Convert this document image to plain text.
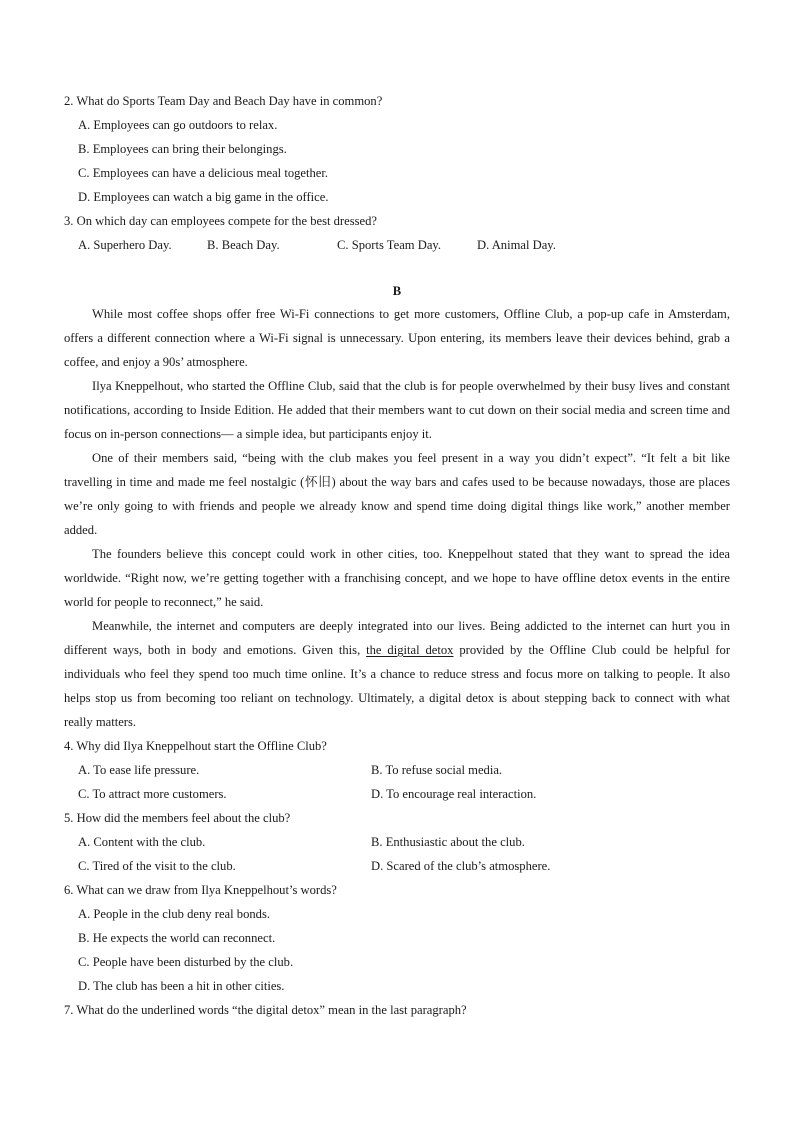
2. What do Sports Team Day and Beach Day have in common?
A. Employees can go outdoors to relax.
B. Employees can bring their belongings.
C. Employees can have a delicious meal together.
D. Employees can watch a big game in the office.
3. On which day can employees compete for the best dressed?
A. Superhero Day.	B. Beach Day.	C. Sports Team Day.	D. Animal Day.
B
While most coffee shops offer free Wi-Fi connections to get more customers, Offline Club, a pop-up cafe in Amsterdam, offers a different connection where a Wi-Fi signal is unnecessary. Upon entering, its members leave their devices behind, grab a coffee, and enjoy a 90s’ atmosphere.
Ilya Kneppelhout, who started the Offline Club, said that the club is for people overwhelmed by their busy lives and constant notifications, according to Inside Edition. He added that their members want to cut down on their social media and screen time and focus on in-person connections— a simple idea, but participants enjoy it.
One of their members said, “being with the club makes you feel present in a way you didn’t expect”. “It felt a bit like travelling in time and made me feel nostalgic (怀旧) about the way bars and cafes used to be because nowadays, those are places we’re only going to with friends and people we already know and spend time doing digital things like work,” another member added.
The founders believe this concept could work in other cities, too. Kneppelhout stated that they want to spread the idea worldwide. “Right now, we’re getting together with a franchising concept, and we hope to have offline detox events in the entire world for people to reconnect,” he said.
Meanwhile, the internet and computers are deeply integrated into our lives. Being addicted to the internet can hurt you in different ways, both in body and emotions. Given this, the digital detox provided by the Offline Club could be helpful for individuals who feel they spend too much time online. It’s a chance to reduce stress and focus more on talking to people. It also helps stop us from becoming too reliant on technology. Ultimately, a digital detox is about stepping back to connect with what really matters.
4. Why did Ilya Kneppelhout start the Offline Club?
A. To ease life pressure.	B. To refuse social media.
C. To attract more customers.	D. To encourage real interaction.
5. How did the members feel about the club?
A. Content with the club.	B. Enthusiastic about the club.
C. Tired of the visit to the club.	D. Scared of the club’s atmosphere.
6. What can we draw from Ilya Kneppelhout’s words?
A. People in the club deny real bonds.
B. He expects the world can reconnect.
C. People have been disturbed by the club.
D. The club has been a hit in other cities.
7. What do the underlined words “the digital detox” mean in the last paragraph?
